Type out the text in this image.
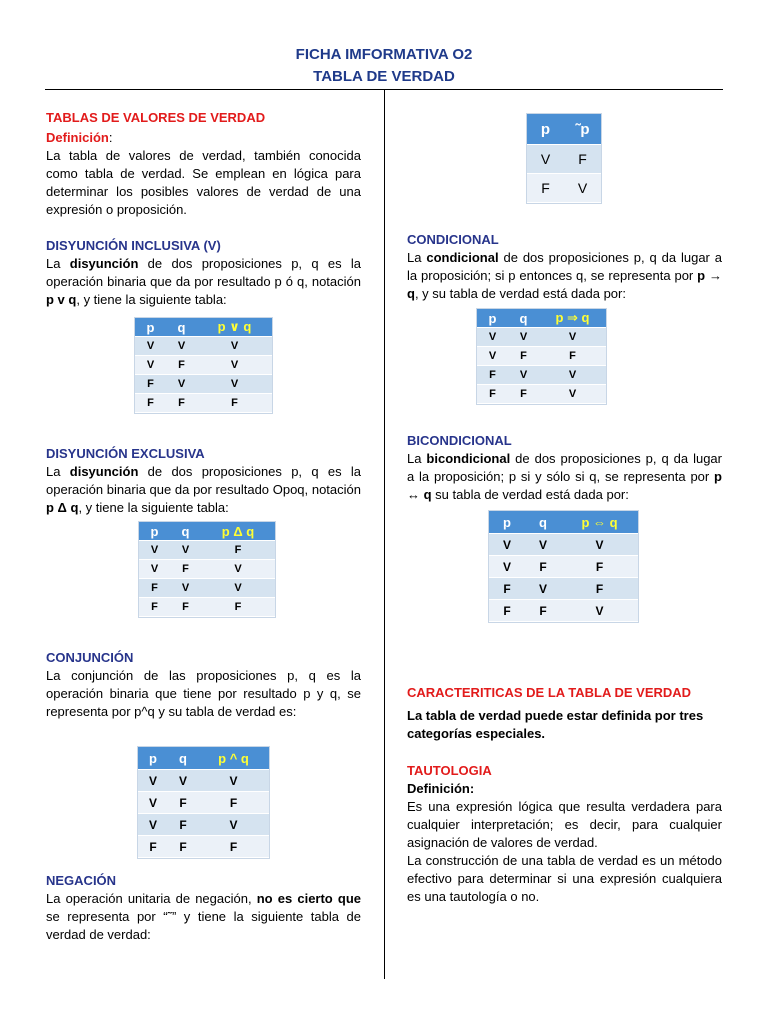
FICHA IMFORMATIVA O2
TABLA DE VERDAD

TABLAS DE VALORES DE VERDAD

Definición:

La tabla de valores de verdad, también conocida como tabla de verdad. Se emplean en lógica para determinar los posibles valores de verdad de una expresión o proposición.

DISYUNCIÓN INCLUSIVA (V)

La disyunción de dos proposiciones p, q es la operación binaria que da por resultado p ó q, notación p v q, y tiene la siguiente tabla:

p	q	p ∨ q
V	V	V
V	F	V
F	V	V
F	F	F

DISYUNCIÓN EXCLUSIVA

La disyunción de dos proposiciones p, q es la operación binaria que da por resultado Opoq, notación p Δ q, y tiene la siguiente tabla:

p	q	p Δ q
V	V	F
V	F	V
F	V	V
F	F	F

CONJUNCIÓN

La conjunción de las proposiciones p, q es la operación binaria que tiene por resultado p y q, se representa por p^q y su tabla de verdad es:

p	q	p ^ q
V	V	V
V	F	F
V	F	V
F	F	F

NEGACIÓN

La operación unitaria de negación, no es cierto que se representa por “˜” y tiene la siguiente tabla de verdad de verdad:

p	˜p
V	F
F	V

CONDICIONAL

La condicional de dos proposiciones p, q da lugar a la proposición; si p entonces q, se representa por p → q, y su tabla de verdad está dada por:

p	q	p ⇒ q
V	V	V
V	F	F
F	V	V
F	F	V

BICONDICIONAL

La bicondicional de dos proposiciones p, q da lugar a la proposición; p si y sólo si q, se representa por p ↔ q su tabla de verdad está dada por:

p	q	p ⇔ q
V	V	V
V	F	F
F	V	F
F	F	V

CARACTERITICAS DE LA TABLA DE VERDAD

La tabla de verdad puede estar definida por tres categorías especiales.

TAUTOLOGIA

Definición:

Es una expresión lógica que resulta verdadera para cualquier interpretación; es decir, para cualquier asignación de valores de verdad.

La construcción de una tabla de verdad es un método efectivo para determinar si una expresión cualquiera es una tautología o no.
